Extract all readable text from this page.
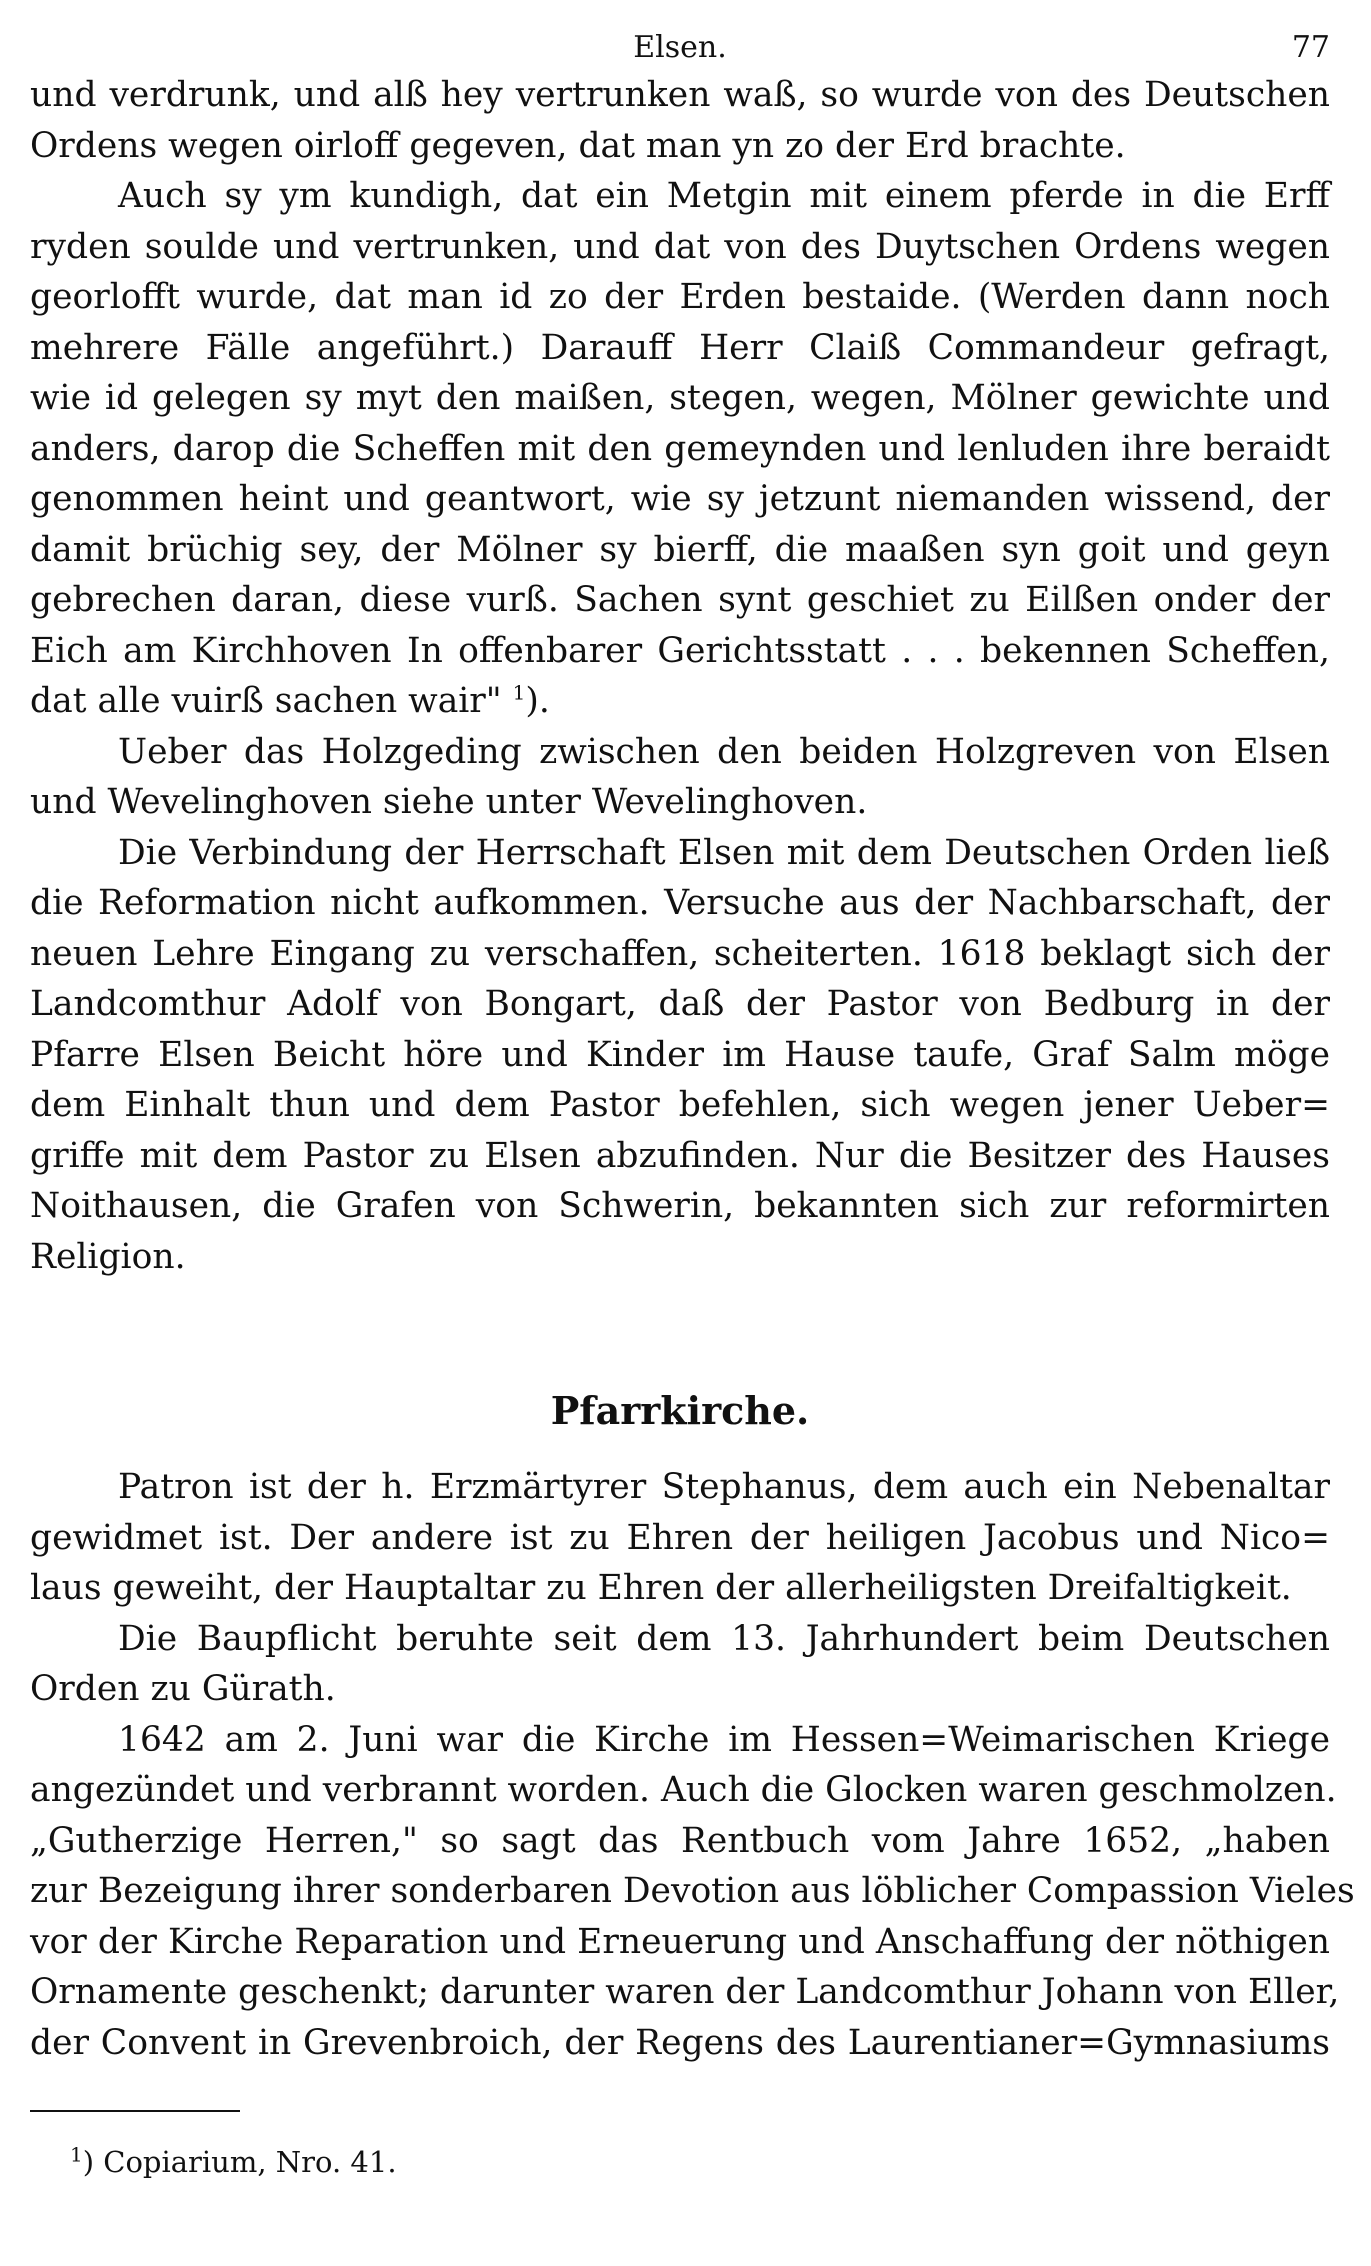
Elsen.	77
und verdrunk, und alß hey vertrunken waß, so wurde von des Deutschen
Ordens wegen oirloff gegeven, dat man yn zo der Erd brachte.
Auch sy ym kundigh, dat ein Metgin mit einem pferde in die Erff
ryden soulde und vertrunken, und dat von des Duytschen Ordens wegen
georlofft wurde, dat man id zo der Erden bestaide. (Werden dann noch
mehrere Fälle angeführt.) Darauff Herr Claiß Commandeur gefragt,
wie id gelegen sy myt den maißen, stegen, wegen, Mölner gewichte und
anders, darop die Scheffen mit den gemeynden und lenluden ihre beraidt
genommen heint und geantwort, wie sy jetzunt niemanden wissend, der
damit brüchig sey, der Mölner sy bierff, die maaßen syn goit und geyn
gebrechen daran, diese vurß. Sachen synt geschiet zu Eilßen onder der
Eich am Kirchhoven In offenbarer Gerichtsstatt . . . bekennen Scheffen,
dat alle vuirß sachen wair" $^1$).
Ueber das Holzgeding zwischen den beiden Holzgreven von Elsen
und Wevelinghoven siehe unter Wevelinghoven.
Die Verbindung der Herrschaft Elsen mit dem Deutschen Orden ließ
die Reformation nicht aufkommen. Versuche aus der Nachbarschaft, der
neuen Lehre Eingang zu verschaffen, scheiterten. 1618 beklagt sich der
Landcomthur Adolf von Bongart, daß der Pastor von Bedburg in der
Pfarre Elsen Beicht höre und Kinder im Hause taufe, Graf Salm möge
dem Einhalt thun und dem Pastor befehlen, sich wegen jener Ueber=
griffe mit dem Pastor zu Elsen abzufinden. Nur die Besitzer des Hauses
Noithausen, die Grafen von Schwerin, bekannten sich zur reformirten
Religion.
Pfarrkirche.
Patron ist der h. Erzmärtyrer Stephanus, dem auch ein Nebenaltar
gewidmet ist. Der andere ist zu Ehren der heiligen Jacobus und Nico=
laus geweiht, der Hauptaltar zu Ehren der allerheiligsten Dreifaltigkeit.
Die Baupflicht beruhte seit dem 13. Jahrhundert beim Deutschen
Orden zu Gürath.
1642 am 2. Juni war die Kirche im Hessen=Weimarischen Kriege
angezündet und verbrannt worden. Auch die Glocken waren geschmolzen.
„Gutherzige Herren," so sagt das Rentbuch vom Jahre 1652, „haben
zur Bezeigung ihrer sonderbaren Devotion aus löblicher Compassion Vieles
vor der Kirche Reparation und Erneuerung und Anschaffung der nöthigen
Ornamente geschenkt; darunter waren der Landcomthur Johann von Eller,
der Convent in Grevenbroich, der Regens des Laurentianer=Gymnasiums
$^1$) Copiarium, Nro. 41.
